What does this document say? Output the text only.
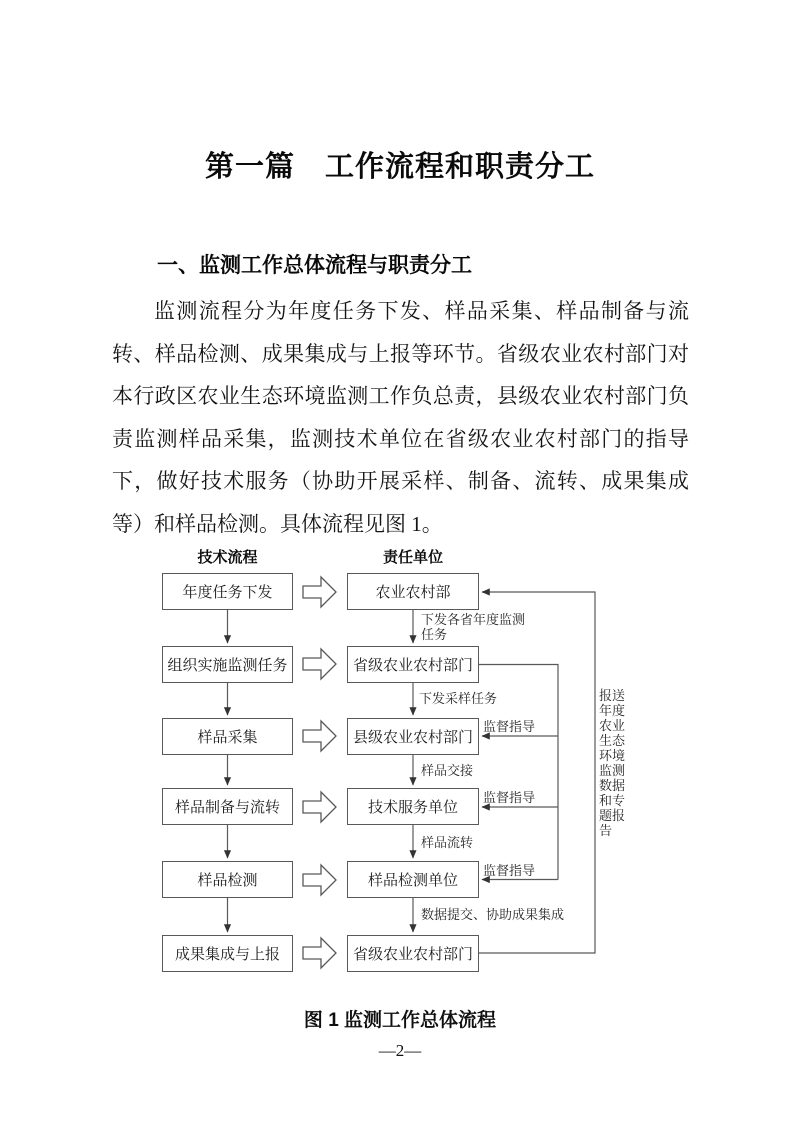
第一篇　工作流程和职责分工
一、监测工作总体流程与职责分工
监测流程分为年度任务下发、样品采集、样品制备与流转、样品检测、成果集成与上报等环节。省级农业农村部门对本行政区农业生态环境监测工作负总责，县级农业农村部门负责监测样品采集，监测技术单位在省级农业农村部门的指导下，做好技术服务（协助开展采样、制备、流转、成果集成等）和样品检测。具体流程见图 1。
技术流程	责任单位
年度任务下发
组织实施监测任务
样品采集
样品制备与流转
样品检测
成果集成与上报
农业农村部
省级农业农村部门
县级农业农村部门
技术服务单位
样品检测单位
省级农业农村部门
下发各省年度监测任务
下发采样任务
样品交接
样品流转
数据提交、协助成果集成
监督指导
监督指导
监督指导
报送年度农业生态环境监测数据和专题报告
图 1 监测工作总体流程
—2—
